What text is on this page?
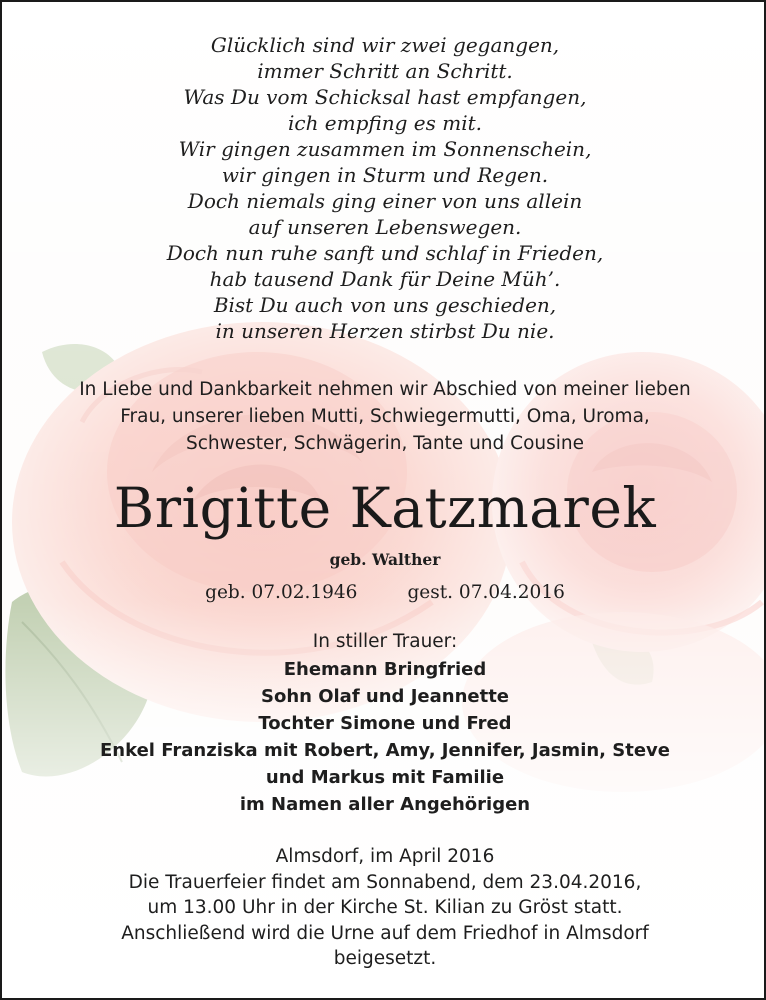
Glücklich sind wir zwei gegangen,
immer Schritt an Schritt.
Was Du vom Schicksal hast empfangen,
ich empfing es mit.
Wir gingen zusammen im Sonnenschein,
wir gingen in Sturm und Regen.
Doch niemals ging einer von uns allein
auf unseren Lebenswegen.
Doch nun ruhe sanft und schlaf in Frieden,
hab tausend Dank für Deine Müh’.
Bist Du auch von uns geschieden,
in unseren Herzen stirbst Du nie.
In Liebe und Dankbarkeit nehmen wir Abschied von meiner lieben
Frau, unserer lieben Mutti, Schwiegermutti, Oma, Uroma,
Schwester, Schwägerin, Tante und Cousine
Brigitte Katzmarek
geb. Walther
geb. 07.02.1946	gest. 07.04.2016
In stiller Trauer:
Ehemann Bringfried
Sohn Olaf und Jeannette
Tochter Simone und Fred
Enkel Franziska mit Robert, Amy, Jennifer, Jasmin, Steve
und Markus mit Familie
im Namen aller Angehörigen
Almsdorf, im April 2016
Die Trauerfeier findet am Sonnabend, dem 23.04.2016,
um 13.00 Uhr in der Kirche St. Kilian zu Gröst statt.
Anschließend wird die Urne auf dem Friedhof in Almsdorf
beigesetzt.
